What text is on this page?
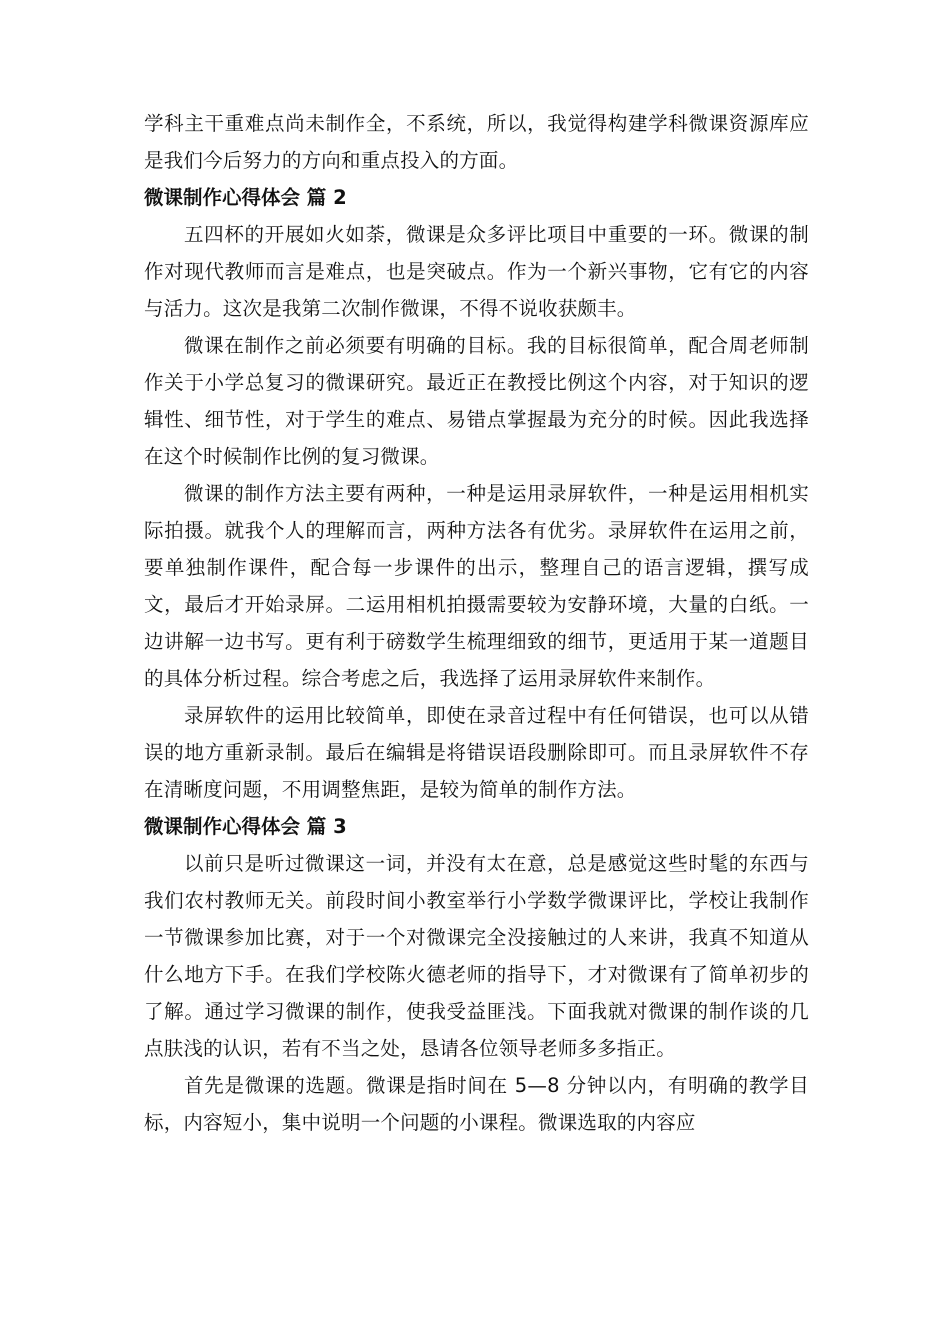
学科主干重难点尚未制作全，不系统，所以，我觉得构建学科微课资源库应是我们今后努力的方向和重点投入的方面。

微课制作心得体会 篇 2

五四杯的开展如火如荼，微课是众多评比项目中重要的一环。微课的制作对现代教师而言是难点，也是突破点。作为一个新兴事物，它有它的内容与活力。这次是我第二次制作微课，不得不说收获颇丰。

微课在制作之前必须要有明确的目标。我的目标很简单，配合周老师制作关于小学总复习的微课研究。最近正在教授比例这个内容，对于知识的逻辑性、细节性，对于学生的难点、易错点掌握最为充分的时候。因此我选择在这个时候制作比例的复习微课。

微课的制作方法主要有两种，一种是运用录屏软件，一种是运用相机实际拍摄。就我个人的理解而言，两种方法各有优劣。录屏软件在运用之前，要单独制作课件，配合每一步课件的出示，整理自己的语言逻辑，撰写成文，最后才开始录屏。二运用相机拍摄需要较为安静环境，大量的白纸。一边讲解一边书写。更有利于磅数学生梳理细致的细节，更适用于某一道题目的具体分析过程。综合考虑之后，我选择了运用录屏软件来制作。

录屏软件的运用比较简单，即使在录音过程中有任何错误，也可以从错误的地方重新录制。最后在编辑是将错误语段删除即可。而且录屏软件不存在清晰度问题，不用调整焦距，是较为简单的制作方法。

微课制作心得体会 篇 3

以前只是听过微课这一词，并没有太在意，总是感觉这些时髦的东西与我们农村教师无关。前段时间小教室举行小学数学微课评比，学校让我制作一节微课参加比赛，对于一个对微课完全没接触过的人来讲，我真不知道从什么地方下手。在我们学校陈火德老师的指导下，才对微课有了简单初步的了解。通过学习微课的制作，使我受益匪浅。下面我就对微课的制作谈的几点肤浅的认识，若有不当之处，恳请各位领导老师多多指正。

首先是微课的选题。微课是指时间在 5—8 分钟以内，有明确的教学目标，内容短小，集中说明一个问题的小课程。微课选取的内容应
